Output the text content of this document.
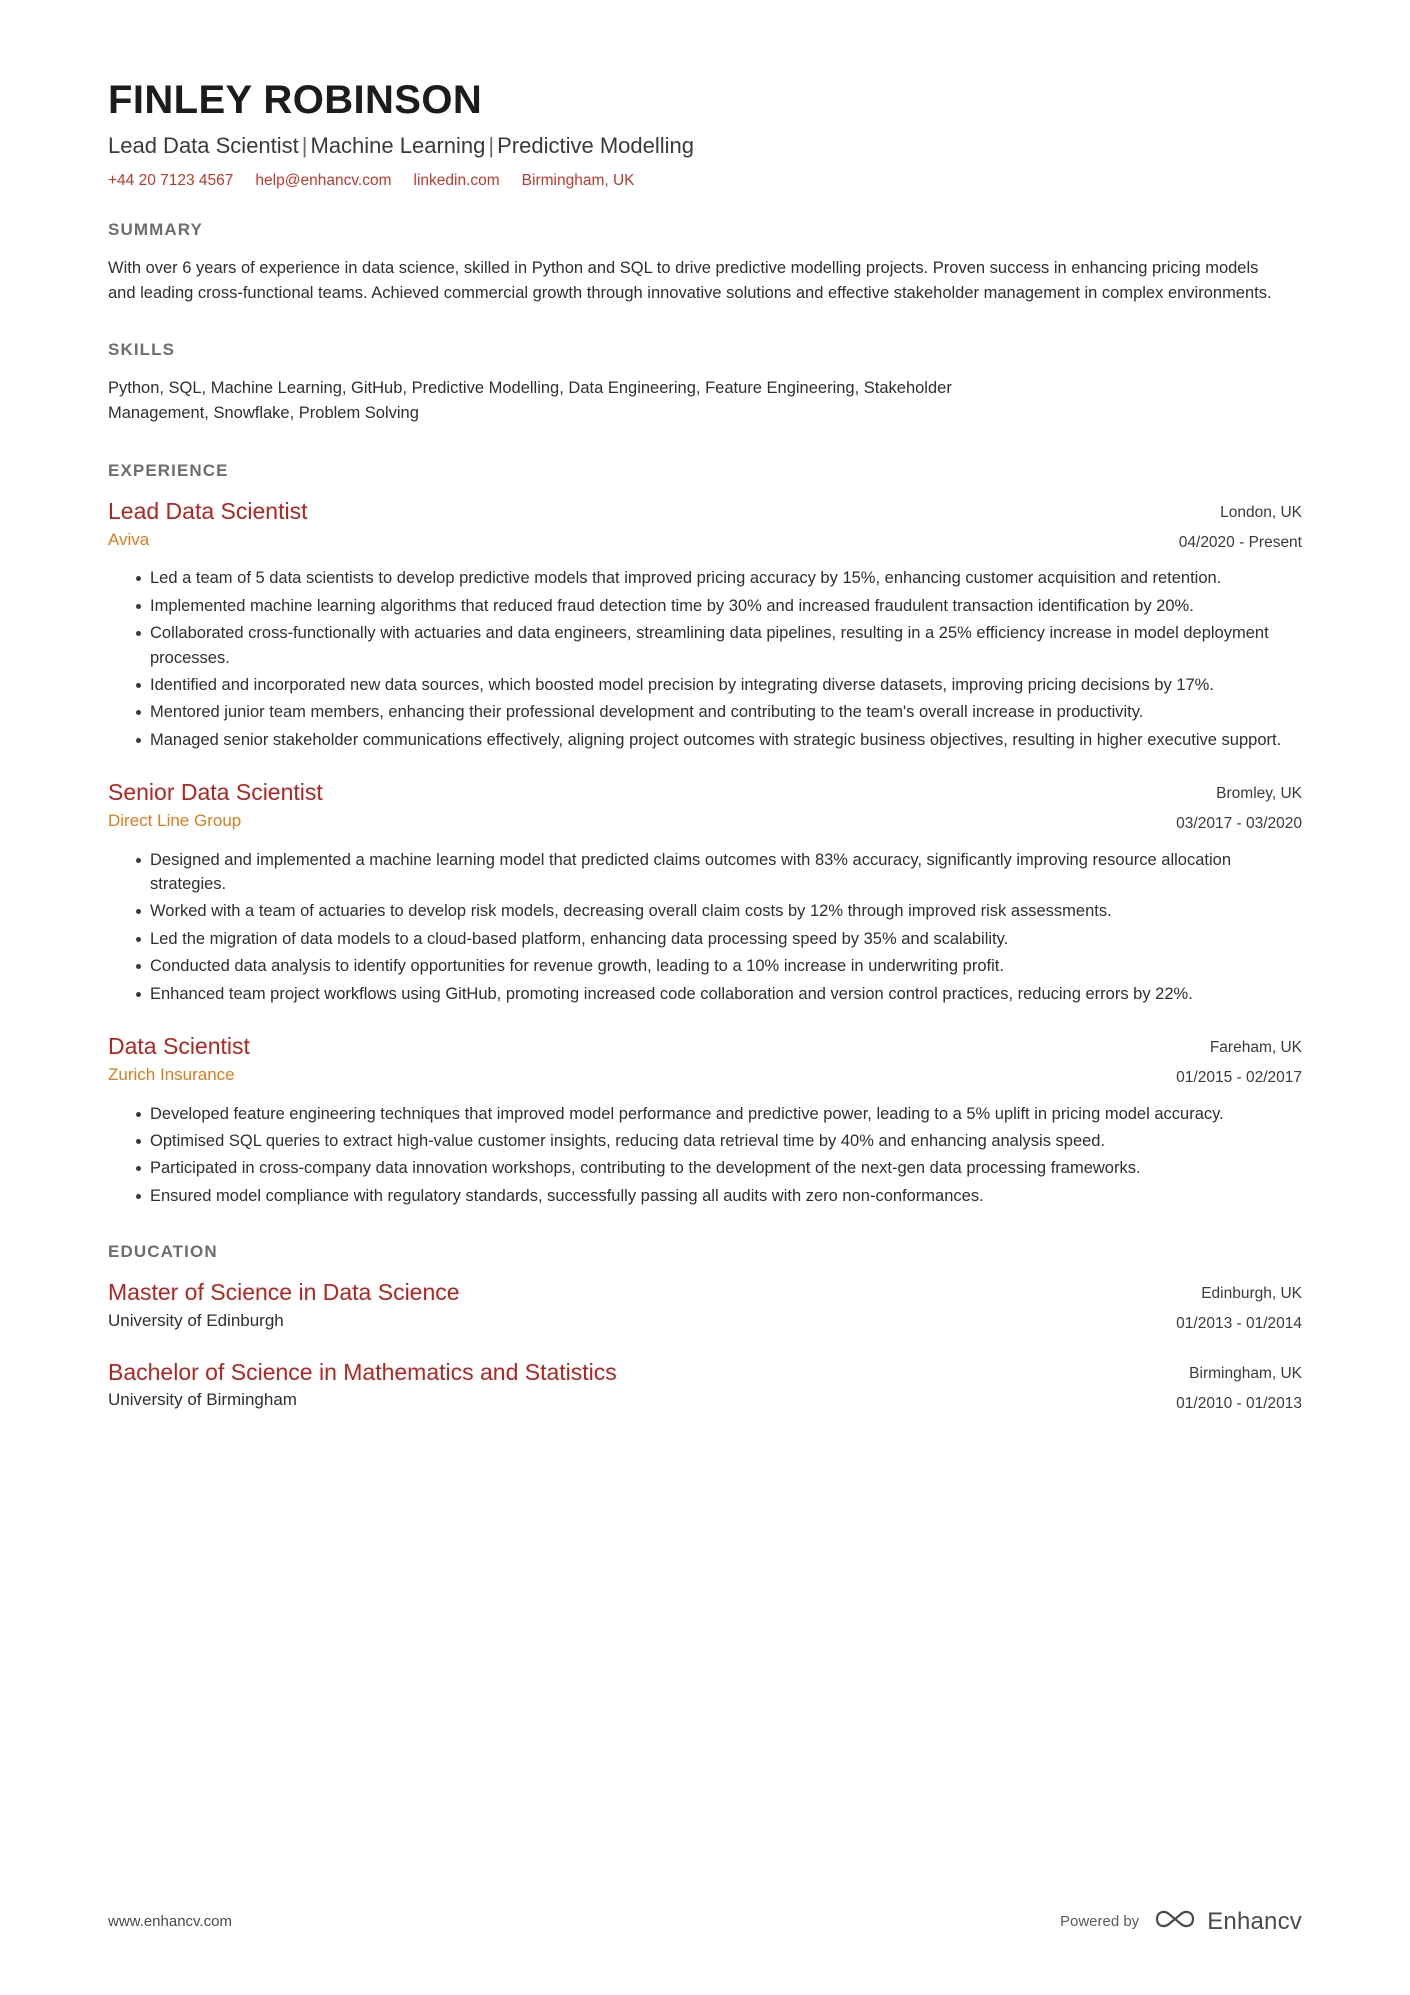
FINLEY ROBINSON
Lead Data Scientist | Machine Learning | Predictive Modelling
+44 20 7123 4567 help@enhancv.com linkedin.com Birmingham, UK
SUMMARY

With over 6 years of experience in data science, skilled in Python and SQL to drive predictive modelling projects. Proven success in enhancing pricing models and leading cross-functional teams. Achieved commercial growth through innovative solutions and effective stakeholder management in complex environments.

SKILLS

Python, SQL, Machine Learning, GitHub, Predictive Modelling, Data Engineering, Feature Engineering, Stakeholder Management, Snowflake, Problem Solving

EXPERIENCE
Lead Data Scientist
Aviva
London, UK
04/2020 - Present
Led a team of 5 data scientists to develop predictive models that improved pricing accuracy by 15%, enhancing customer acquisition and retention.
Implemented machine learning algorithms that reduced fraud detection time by 30% and increased fraudulent transaction identification by 20%.
Collaborated cross-functionally with actuaries and data engineers, streamlining data pipelines, resulting in a 25% efficiency increase in model deployment processes.
Identified and incorporated new data sources, which boosted model precision by integrating diverse datasets, improving pricing decisions by 17%.
Mentored junior team members, enhancing their professional development and contributing to the team's overall increase in productivity.
Managed senior stakeholder communications effectively, aligning project outcomes with strategic business objectives, resulting in higher executive support.
Senior Data Scientist
Direct Line Group
Bromley, UK
03/2017 - 03/2020
Designed and implemented a machine learning model that predicted claims outcomes with 83% accuracy, significantly improving resource allocation strategies.
Worked with a team of actuaries to develop risk models, decreasing overall claim costs by 12% through improved risk assessments.
Led the migration of data models to a cloud-based platform, enhancing data processing speed by 35% and scalability.
Conducted data analysis to identify opportunities for revenue growth, leading to a 10% increase in underwriting profit.
Enhanced team project workflows using GitHub, promoting increased code collaboration and version control practices, reducing errors by 22%.
Data Scientist
Zurich Insurance
Fareham, UK
01/2015 - 02/2017
Developed feature engineering techniques that improved model performance and predictive power, leading to a 5% uplift in pricing model accuracy.
Optimised SQL queries to extract high-value customer insights, reducing data retrieval time by 40% and enhancing analysis speed.
Participated in cross-company data innovation workshops, contributing to the development of the next-gen data processing frameworks.
Ensured model compliance with regulatory standards, successfully passing all audits with zero non-conformances.
EDUCATION
Master of Science in Data Science
University of Edinburgh
Edinburgh, UK
01/2013 - 01/2014
Bachelor of Science in Mathematics and Statistics
University of Birmingham
Birmingham, UK
01/2010 - 01/2013
www.enhancv.com	Powered by	Enhancv
